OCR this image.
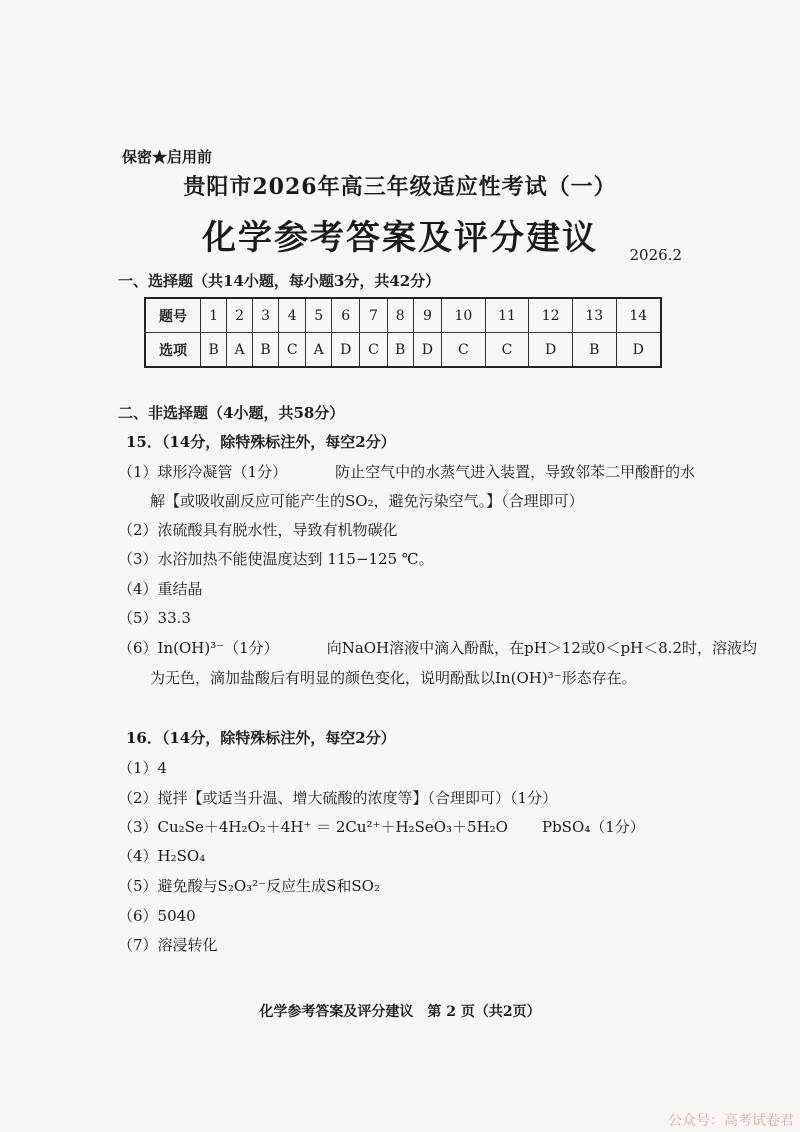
保密★启用前
贵阳市2026年高三年级适应性考试（一）
化学参考答案及评分建议	2026.2
一、选择题（共14小题，每小题3分，共42分）
题号	1	2	3	4	5	6	7	8	9	10	11	12	13	14
选项	B	A	B	C	A	D	C	B	D	C	C	D	B	D
二、非选择题（4小题，共58分）
15．（14分，除特殊标注外，每空2分）
（1）球形冷凝管（1分）	防止空气中的水蒸气进入装置，导致邻苯二甲酸酐的水
解【或吸收副反应可能产生的SO₂，避免污染空气。】（合理即可）
（2）浓硫酸具有脱水性，导致有机物碳化
（3）水浴加热不能使温度达到 115−125 ℃。
（4）重结晶
（5）33.3
（6）In(OH)³⁻（1分）	向NaOH溶液中滴入酚酞，在pH＞12或0＜pH＜8.2时，溶液均
为无色，滴加盐酸后有明显的颜色变化，说明酚酞以In(OH)³⁻形态存在。
16．（14分，除特殊标注外，每空2分）
（1）4
（2）搅拌【或适当升温、增大硫酸的浓度等】（合理即可）（1分）
（3）Cu₂Se＋4H₂O₂＋4H⁺ ＝ 2Cu²⁺＋H₂SeO₃＋5H₂O PbSO₄（1分）
（4）H₂SO₄
（5）避免酸与S₂O₃²⁻反应生成S和SO₂
（6）5040
（7）溶浸转化
化学参考答案及评分建议　第 2 页（共2页）
公众号：高考试卷君
